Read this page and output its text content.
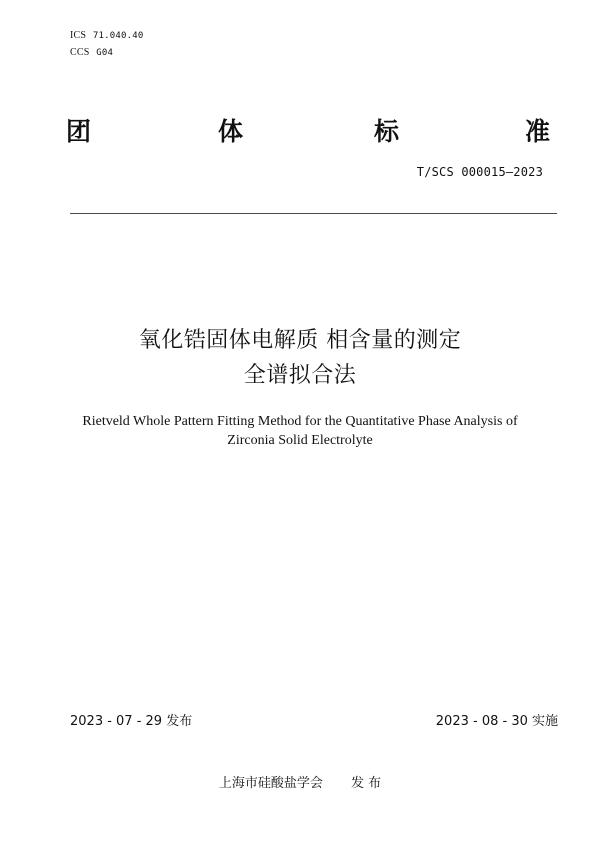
ICS 71.040.40
CCS G04
团	体	标	准
T/SCS 000015—2023
氧化锆固体电解质 相含量的测定
全谱拟合法
Rietveld Whole Pattern Fitting Method for the Quantitative Phase Analysis of
Zirconia Solid Electrolyte
2023 - 07 - 29 发布	2023 - 08 - 30 实施
上海市硅酸盐学会 发 布
